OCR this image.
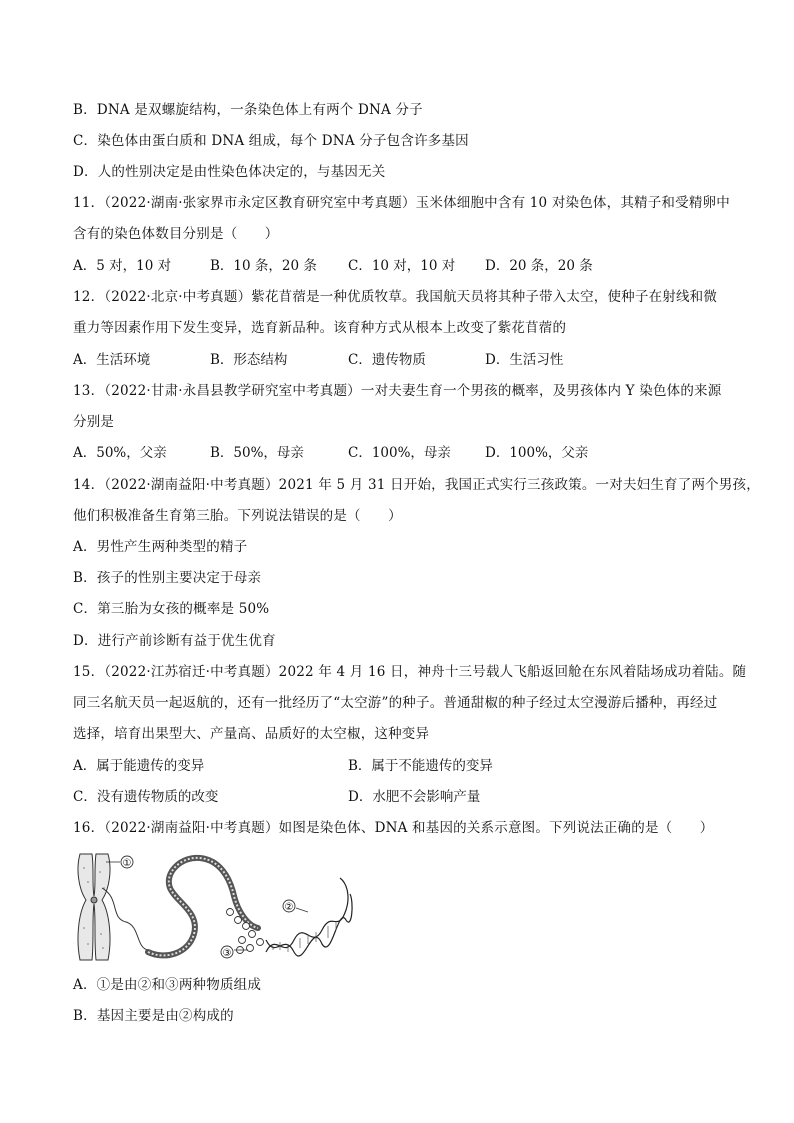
B．DNA 是双螺旋结构，一条染色体上有两个 DNA 分子
C．染色体由蛋白质和 DNA 组成，每个 DNA 分子包含许多基因
D．人的性别决定是由性染色体决定的，与基因无关
11．（2022·湖南·张家界市永定区教育研究室中考真题）玉米体细胞中含有 10 对染色体，其精子和受精卵中
含有的染色体数目分别是（　　）
A．5 对，10 对	B．10 条，20 条 C．10 对，10 对 D．20 条，20 条
12．（2022·北京·中考真题）紫花苜蓿是一种优质牧草。我国航天员将其种子带入太空，使种子在射线和微
重力等因素作用下发生变异，选育新品种。该育种方式从根本上改变了紫花苜蓿的
A．生活环境	B．形态结构	C．遗传物质	D．生活习性
13．（2022·甘肃·永昌县教学研究室中考真题）一对夫妻生育一个男孩的概率，及男孩体内 Y 染色体的来源
分别是
A．50%，父亲	B．50%，母亲	C．100%，母亲	D．100%，父亲
14．（2022·湖南益阳·中考真题）2021 年 5 月 31 日开始，我国正式实行三孩政策。一对夫妇生育了两个男孩，
他们积极准备生育第三胎。下列说法错误的是（　　）
A．男性产生两种类型的精子
B．孩子的性别主要决定于母亲
C．第三胎为女孩的概率是 50%
D．进行产前诊断有益于优生优育
15．（2022·江苏宿迁·中考真题）2022 年 4 月 16 日，神舟十三号载人飞船返回舱在东风着陆场成功着陆。随
同三名航天员一起返航的，还有一批经历了“太空游”的种子。普通甜椒的种子经过太空漫游后播种，再经过
选择，培育出果型大、产量高、品质好的太空椒，这种变异
A．属于能遗传的变异	B．属于不能遗传的变异
C．没有遗传物质的改变	D．水肥不会影响产量
16．（2022·湖南益阳·中考真题）如图是染色体、DNA 和基因的关系示意图。下列说法正确的是（　　）
①
②
③
A．①是由②和③两种物质组成
B．基因主要是由②构成的
